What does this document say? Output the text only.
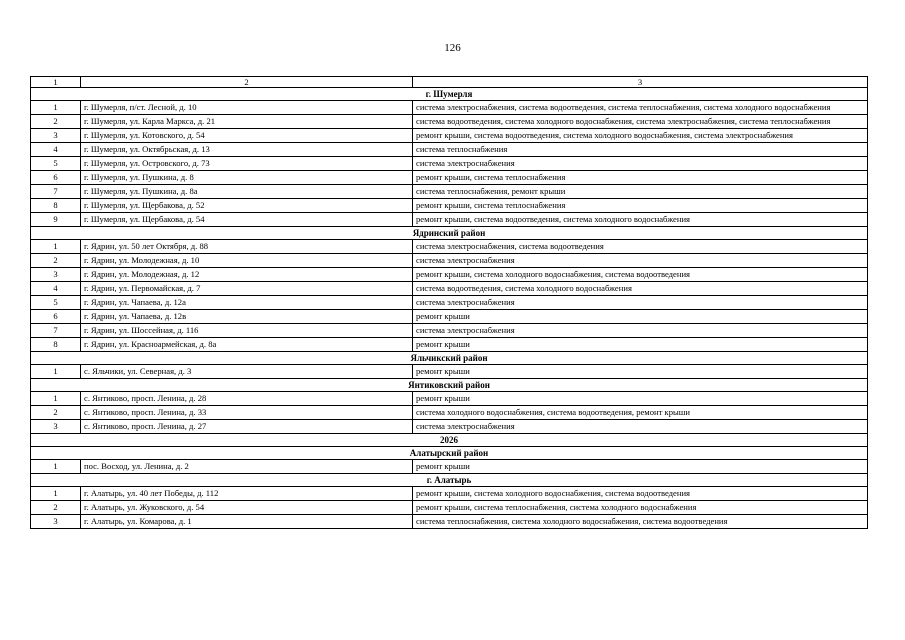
126
1	2	3
г. Шумерля		
1	г. Шумерля, п/ст. Лесной, д. 10	система электроснабжения, система водоотведения, система теплоснабжения, система холодного водоснабжения
2	г. Шумерля, ул. Карла Маркса, д. 21	система водоотведения, система холодного водоснабжения, система электроснабжения, система теплоснабжения
3	г. Шумерля, ул. Котовского, д. 54	ремонт крыши, система водоотведения, система холодного водоснабжения, система электроснабжения
4	г. Шумерля, ул. Октябрьская, д. 13	система теплоснабжения
5	г. Шумерля, ул. Островского, д. 73	система электроснабжения
6	г. Шумерля, ул. Пушкина, д. 8	ремонт крыши, система теплоснабжения
7	г. Шумерля, ул. Пушкина, д. 8а	система теплоснабжения, ремонт крыши
8	г. Шумерля, ул. Щербакова, д. 52	ремонт крыши, система теплоснабжения
9	г. Шумерля, ул. Щербакова, д. 54	ремонт крыши, система водоотведения, система холодного водоснабжения
Ядринский район		
1	г. Ядрин, ул. 50 лет Октября, д. 88	система электроснабжения, система водоотведения
2	г. Ядрин, ул. Молодежная, д. 10	система электроснабжения
3	г. Ядрин, ул. Молодежная, д. 12	ремонт крыши, система холодного водоснабжения, система водоотведения
4	г. Ядрин, ул. Первомайская, д. 7	система водоотведения, система холодного водоснабжения
5	г. Ядрин, ул. Чапаева, д. 12а	система электроснабжения
6	г. Ядрин, ул. Чапаева, д. 12в	ремонт крыши
7	г. Ядрин, ул. Шоссейная, д. 116	система электроснабжения
8	г. Ядрин, ул. Красноармейская, д. 8а	ремонт крыши
Яльчикский район		
1	с. Яльчики, ул. Северная, д. 3	ремонт крыши
Янтиковский район		
1	с. Янтиково, просп. Ленина, д. 28	ремонт крыши
2	с. Янтиково, просп. Ленина, д. 33	система холодного водоснабжения, система водоотведения, ремонт крыши
3	с. Янтиково, просп. Ленина, д. 27	система электроснабжения
2026		
Алатырский район		
1	пос. Восход, ул. Ленина, д. 2	ремонт крыши
г. Алатырь		
1	г. Алатырь, ул. 40 лет Победы, д. 112	ремонт крыши, система холодного водоснабжения, система водоотведения
2	г. Алатырь, ул. Жуковского, д. 54	ремонт крыши, система теплоснабжения, система холодного водоснабжения
3	г. Алатырь, ул. Комарова, д. 1	система теплоснабжения, система холодного водоснабжения, система водоотведения
